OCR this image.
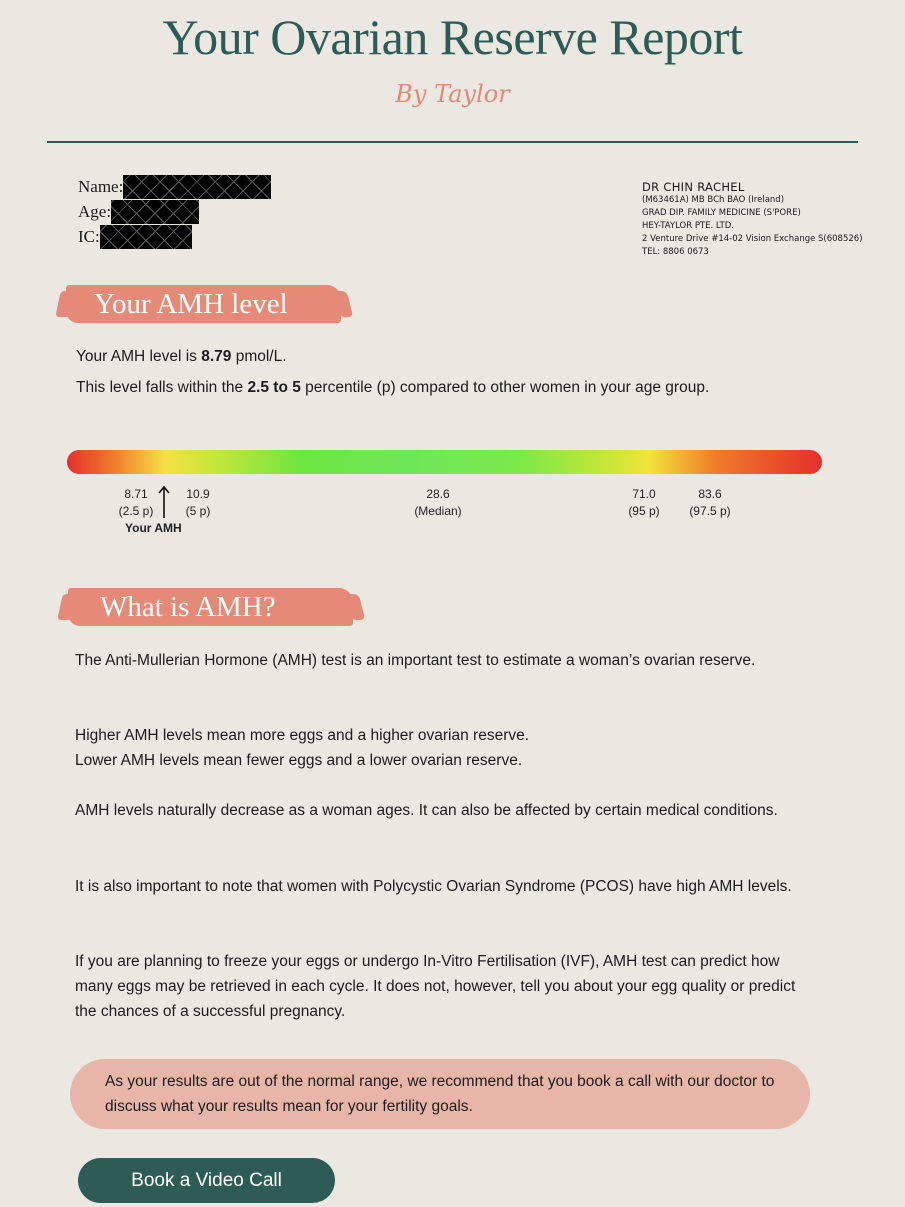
Your Ovarian Reserve Report
By Taylor
Name:
Age:
IC:
DR CHIN RACHEL
(M63461A) MB BCh BAO (Ireland)
GRAD DIP. FAMILY MEDICINE (S'PORE)
HEY-TAYLOR PTE. LTD.
2 Venture Drive #14-02 Vision Exchange S(608526)
TEL: 8806 0673
Your AMH level
Your AMH level is 8.79 pmol/L.
This level falls within the 2.5 to 5 percentile (p) compared to other women in your age group.
8.71
(2.5 p)
10.9
(5 p)
28.6
(Median)
71.0
(95 p)
83.6
(97.5 p)
Your AMH
What is AMH?
The Anti-Mullerian Hormone (AMH) test is an important test to estimate a woman’s ovarian reserve.
Higher AMH levels mean more eggs and a higher ovarian reserve.
Lower AMH levels mean fewer eggs and a lower ovarian reserve.
AMH levels naturally decrease as a woman ages. It can also be affected by certain medical conditions.
It is also important to note that women with Polycystic Ovarian Syndrome (PCOS) have high AMH levels.
If you are planning to freeze your eggs or undergo In-Vitro Fertilisation (IVF), AMH test can predict how many eggs may be retrieved in each cycle. It does not, however, tell you about your egg quality or predict the chances of a successful pregnancy.

As your results are out of the normal range, we recommend that you book a call with our doctor to discuss what your results mean for your fertility goals.

Book a Video Call
